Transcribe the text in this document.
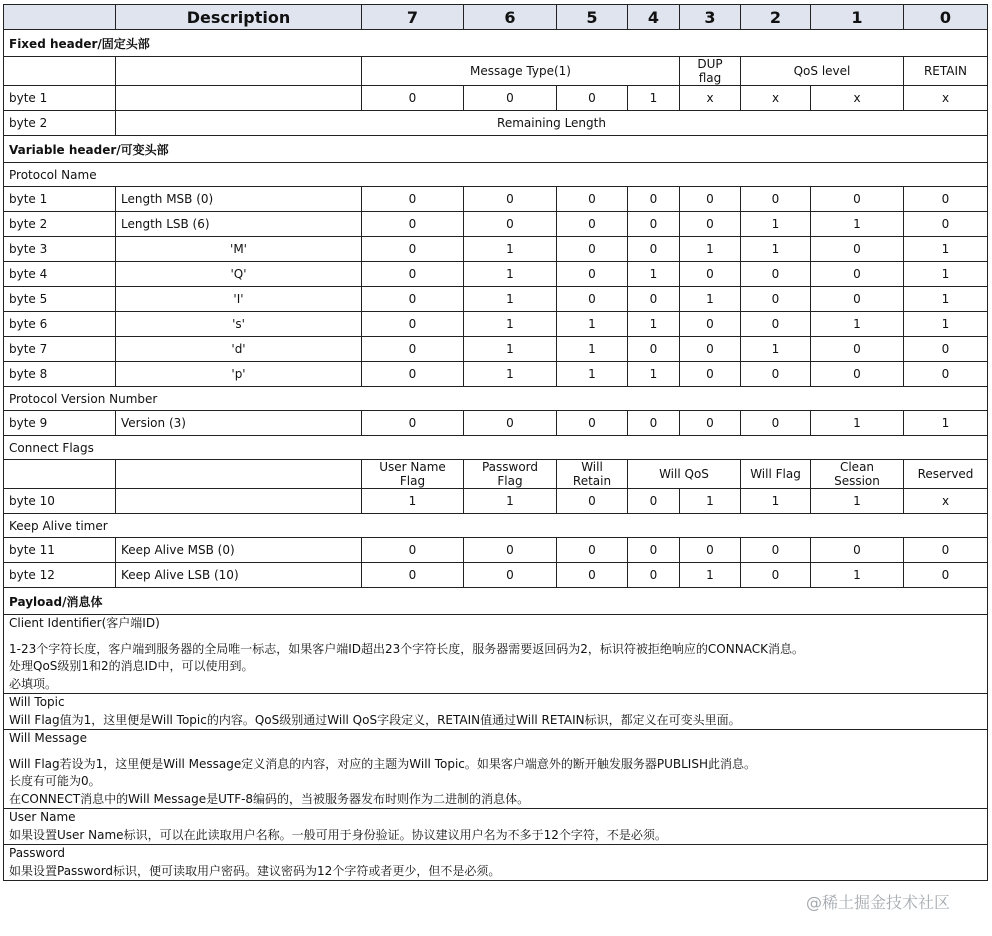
	Description	7	6	5	4	3	2	1	0
Fixed header/固定头部									
		Message Type(1)				DUP flag	QoS level		RETAIN
byte 1		0	0	0	1	x	x	x	x
byte 2	Remaining Length								
Variable header/可变头部									
Protocol Name									
byte 1	Length MSB (0)	0	0	0	0	0	0	0	0
byte 2	Length LSB (6)	0	0	0	0	0	1	1	0
byte 3	'M'	0	1	0	0	1	1	0	1
byte 4	'Q'	0	1	0	1	0	0	0	1
byte 5	'I'	0	1	0	0	1	0	0	1
byte 6	's'	0	1	1	1	0	0	1	1
byte 7	'd'	0	1	1	0	0	1	0	0
byte 8	'p'	0	1	1	1	0	0	0	0
Protocol Version Number									
byte 9	Version (3)	0	0	0	0	0	0	1	1
Connect Flags									
		User Name Flag	Password Flag	Will Retain	Will QoS		Will Flag	Clean Session	Reserved
byte 10		1	1	0	0	1	1	1	x
Keep Alive timer									
byte 11	Keep Alive MSB (0)	0	0	0	0	0	0	0	0
byte 12	Keep Alive LSB (10)	0	0	0	0	1	0	1	0
Payload/消息体									

Client Identifier(客户端ID)
1-23个字符长度，客户端到服务器的全局唯一标志，如果客户端ID超出23个字符长度，服务器需要返回码为2，标识符被拒绝响应的CONNACK消息。
处理QoS级别1和2的消息ID中，可以使用到。
必填项。									

Will Topic
Will Flag值为1，这里便是Will Topic的内容。QoS级别通过Will QoS字段定义，RETAIN值通过Will RETAIN标识，都定义在可变头里面。									

Will Message
Will Flag若设为1，这里便是Will Message定义消息的内容，对应的主题为Will Topic。如果客户端意外的断开触发服务器PUBLISH此消息。
长度有可能为0。
在CONNECT消息中的Will Message是UTF-8编码的，当被服务器发布时则作为二进制的消息体。									

User Name
如果设置User Name标识，可以在此读取用户名称。一般可用于身份验证。协议建议用户名为不多于12个字符，不是必须。									

Password
如果设置Password标识，便可读取用户密码。建议密码为12个字符或者更少，但不是必须。									
@稀土掘金技术社区
